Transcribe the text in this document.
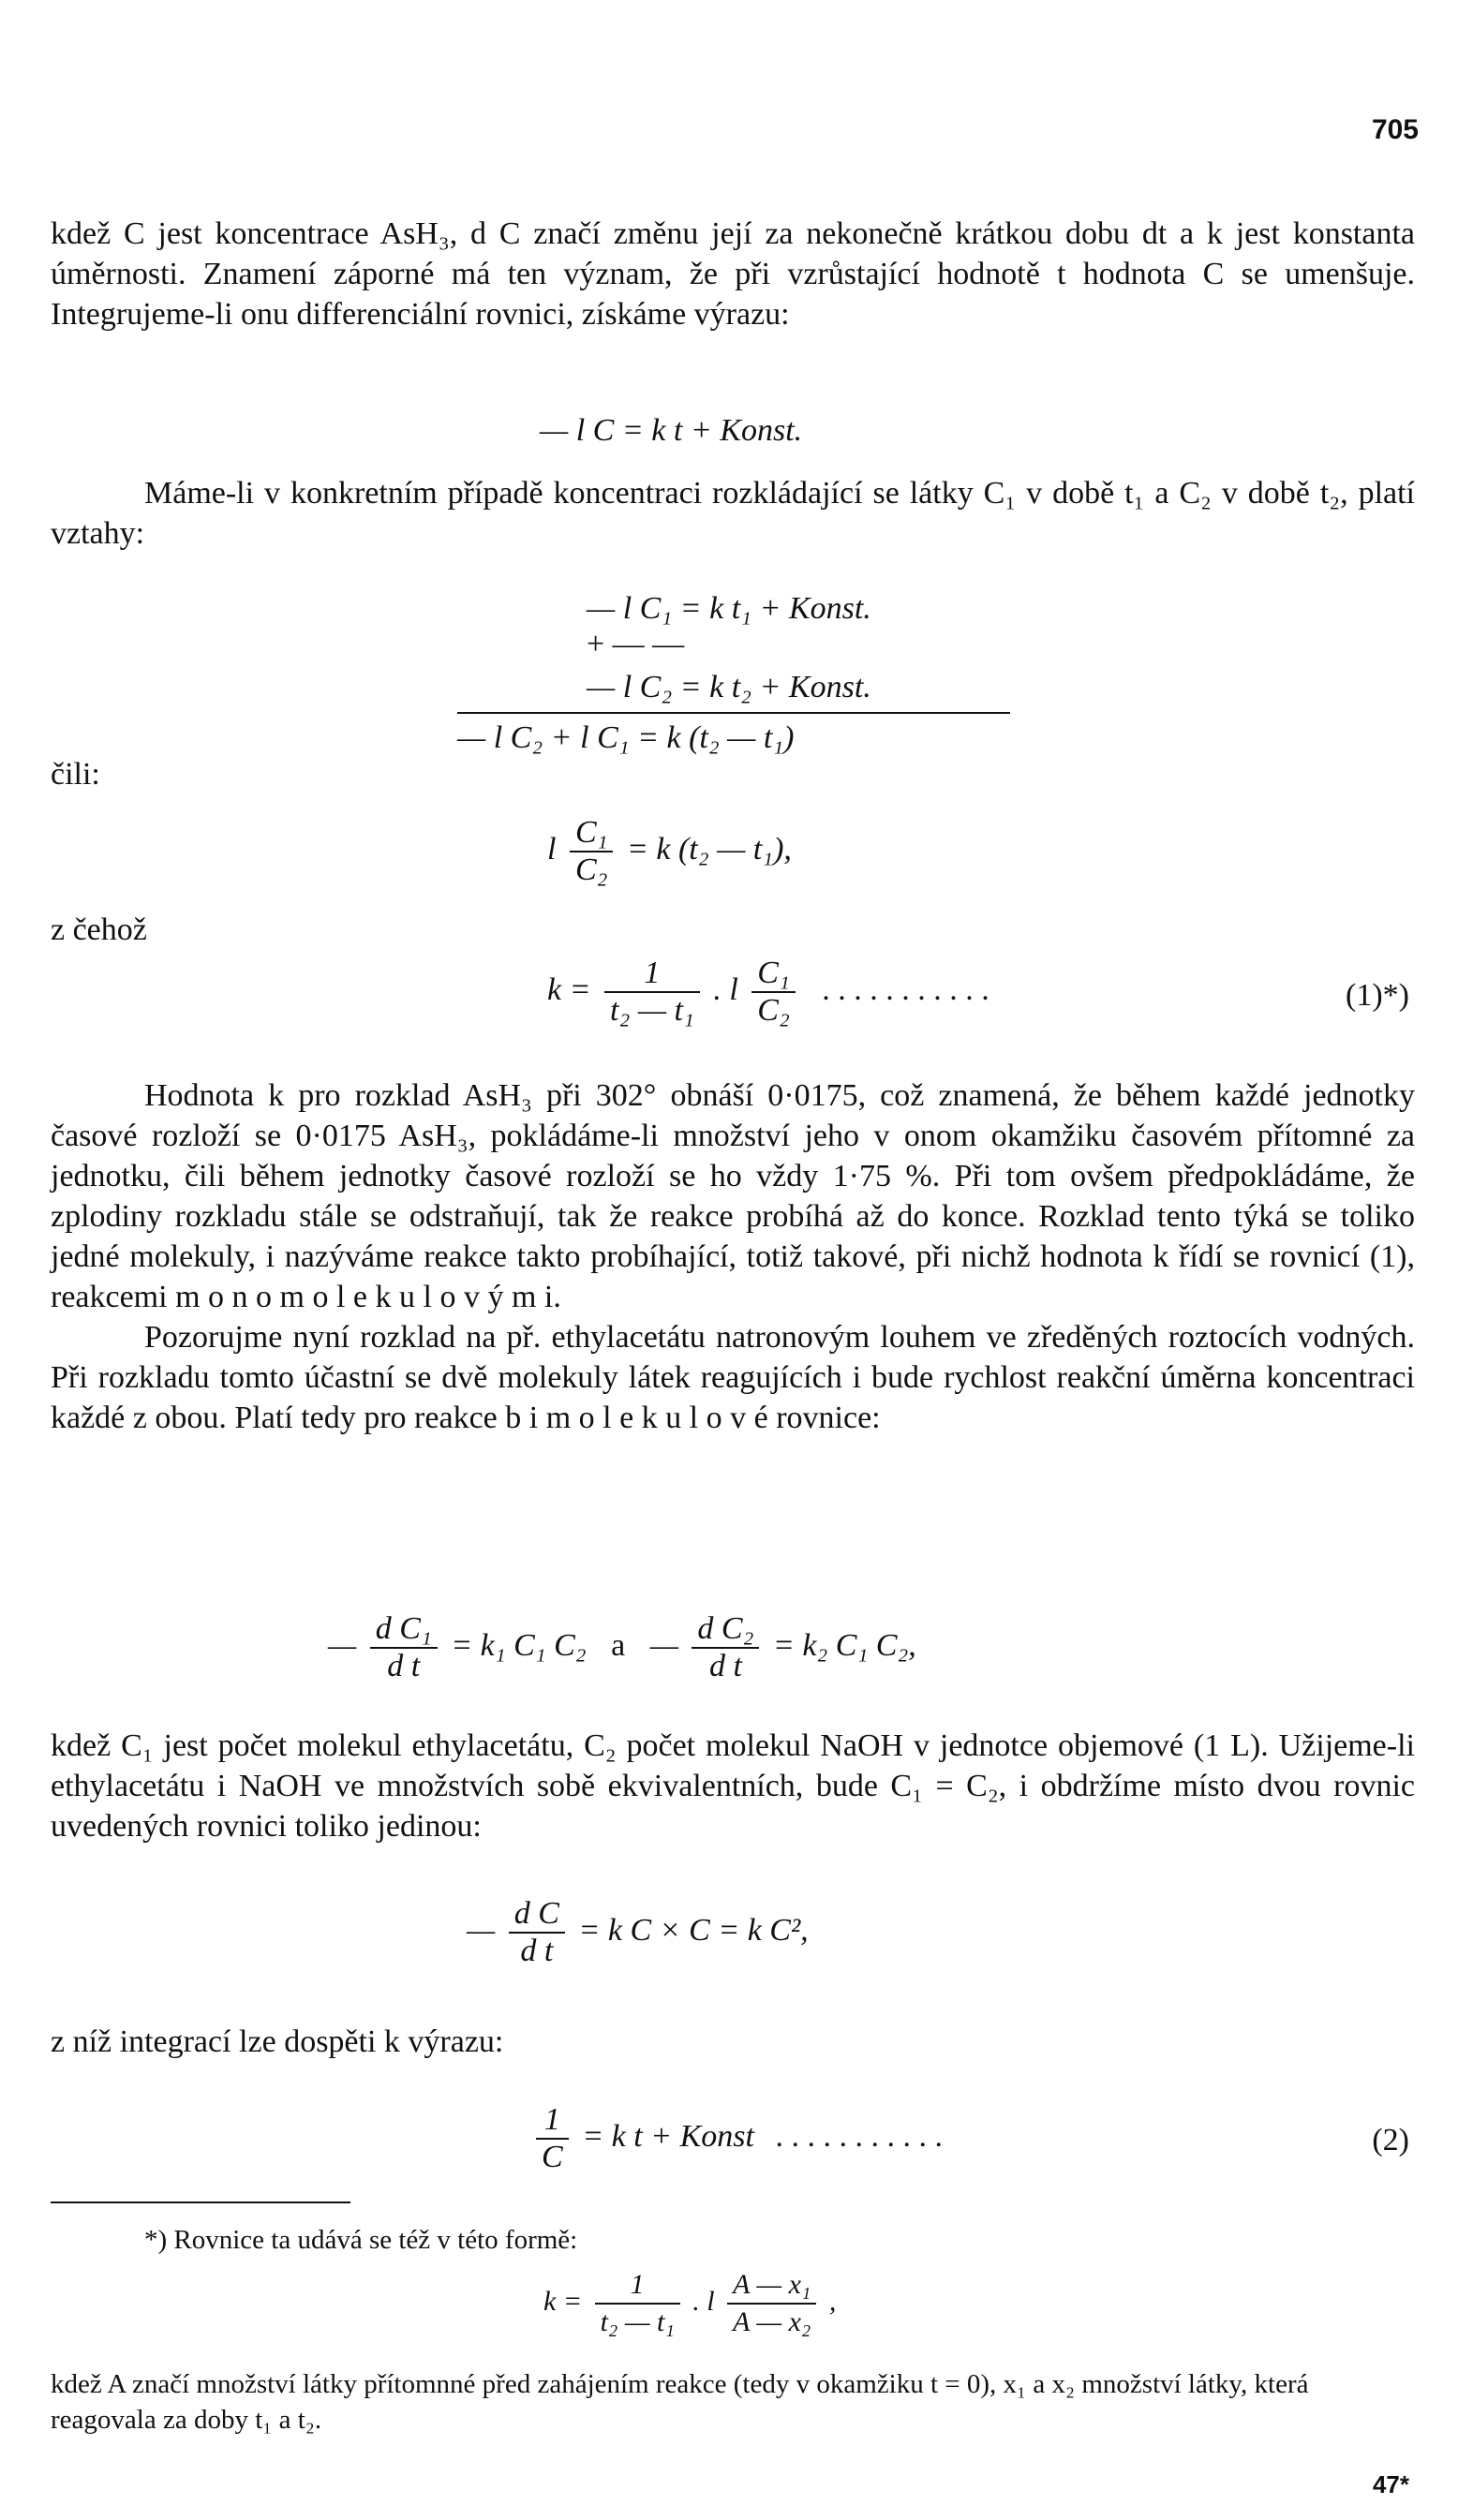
705

kdež C jest koncentrace AsH₃, d C značí změnu její za nekonečně krátkou dobu dt a k jest konstanta úměrnosti. Znamení záporné má ten význam, že při vzrůstající hodnotě t hodnota C se umenšuje. Integrujeme-li onu differenciální rovnici, získáme výrazu:

— l C = k t + Konst.

Máme-li v konkretním případě koncentraci rozkládající se látky C₁ v době t₁ a C₂ v době t₂, platí vztahy:

— l C₁ = k t₁ + Konst.
+ — —
— l C₂ = k t₂ + Konst.
— l C₂ + l C₁ = k (t₂ — t₁)
čili:
l $\frac{\text{C₁}}{\text{C₂}} = k$ (t₂ — t₁),
z čehož
$k = \frac{1}{\text{t₂ — t₁}}$ . l $\frac{\text{C₁}}{\text{C₂}}$ . . . . . . . . . . .	(1)*)

Hodnota k pro rozklad AsH₃ při 302° obnáší 0·0175, což znamená, že během každé jednotky časové rozloží se 0·0175 AsH₃, pokládáme-li množství jeho v onom okamžiku časovém přítomné za jednotku, čili během jednotky časové rozloží se ho vždy 1·75 %. Při tom ovšem předpokládáme, že zplodiny rozkladu stále se odstraňují, tak že reakce probíhá až do konce. Rozklad tento týká se toliko jedné molekuly, i nazýváme reakce takto probíhající, totiž takové, při nichž hodnota k řídí se rovnicí (1), reakcemi m o n o m o l e k u l o v ý m i.

Pozorujme nyní rozklad na př. ethylacetátu natronovým louhem ve zředěných roztocích vodných. Při rozkladu tomto účastní se dvě molekuly látek reagujících i bude rychlost reakční úměrna koncentraci každé z obou. Platí tedy pro reakce b i m o l e k u l o v é rovnice:

— $\frac{\text{d C₁}}{\text{d t}} = k_1$ C₁ C₂ a — $\frac{\text{d C₂}}{\text{d t}} = k_2$ C₁ C₂,

kdež C₁ jest počet molekul ethylacetátu, C₂ počet molekul NaOH v jednotce objemové (1 L). Užijeme-li ethylacetátu i NaOH ve množstvích sobě ekvivalentních, bude C₁ = C₂, i obdržíme místo dvou rovnic uvedených rovnici toliko jedinou:

— $\frac{\text{d C}}{\text{d t}} = k$ C × C = k C²,

z níž integrací lze dospěti k výrazu:

$\frac{1}{C} = k$ t + Konst . . . . . . . . . . .	(2)
*) Rovnice ta udává se též v této formě:
$k = \frac{1}{\text{t₂ — t₁}}$ . l $\frac{\text{A — x₁}}{\text{A — x₂}}$ ,
kdež A značí množství látky přítomnné před zahájením reakce (tedy v okamžiku t = 0), x₁ a x₂ množství látky, která reagovala za doby t₁ a t₂.
47*
